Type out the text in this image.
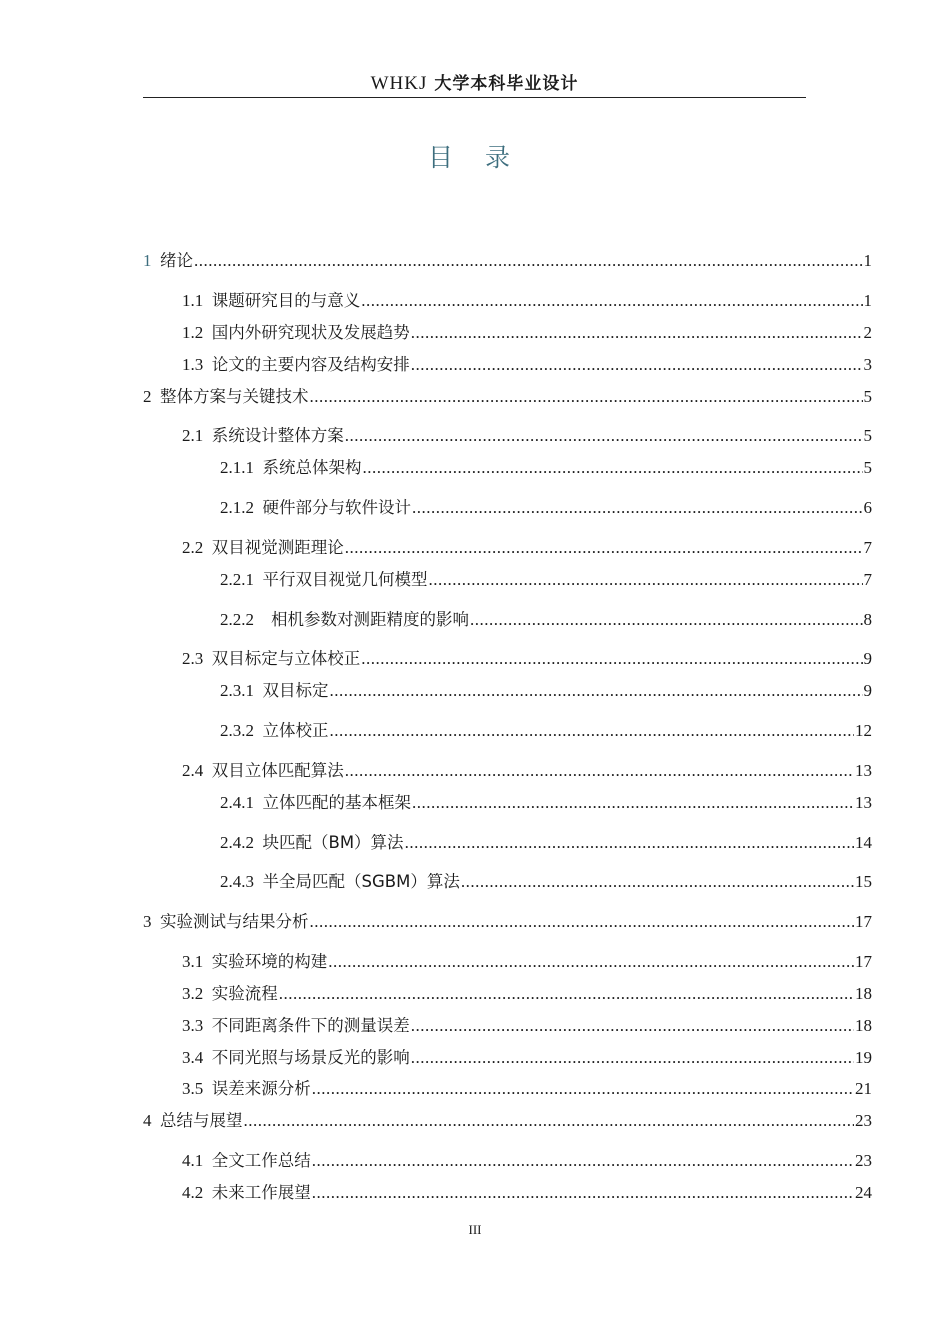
WHKJ 大学本科毕业设计
目 录
1 绪论 .....	1
1.1 课题研究目的与意义 .....	1
1.2 国内外研究现状及发展趋势 .....	2
1.3 论文的主要内容及结构安排 .....	3
2 整体方案与关键技术 .....	5
2.1 系统设计整体方案 .....	5
2.1.1 系统总体架构 .....	5
2.1.2 硬件部分与软件设计 .....	6
2.2 双目视觉测距理论 .....	7
2.2.1 平行双目视觉几何模型 .....	7
2.2.2 相机参数对测距精度的影响 .....	8
2.3 双目标定与立体校正 .....	9
2.3.1 双目标定 .....	9
2.3.2 立体校正 .....	12
2.4 双目立体匹配算法 .....	13
2.4.1 立体匹配的基本框架 .....	13
2.4.2 块匹配（BM）算法 .....	14
2.4.3 半全局匹配（SGBM）算法 .....	15
3 实验测试与结果分析 .....	17
3.1 实验环境的构建 .....	17
3.2 实验流程 .....	18
3.3 不同距离条件下的测量误差 .....	18
3.4 不同光照与场景反光的影响 .....	19
3.5 误差来源分析 .....	21
4 总结与展望 .....	23
4.1 全文工作总结 .....	23
4.2 未来工作展望 .....	24
III
